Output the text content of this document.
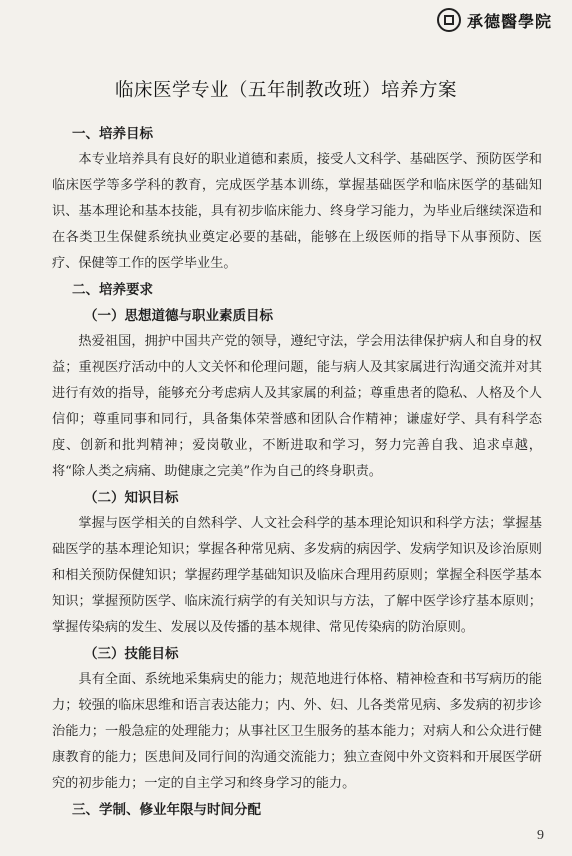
承德醫學院
临床医学专业（五年制教改班）培养方案
一、培养目标

本专业培养具有良好的职业道德和素质，接受人文科学、基础医学、预防医学和临床医学等多学科的教育，完成医学基本训练，掌握基础医学和临床医学的基础知识、基本理论和基本技能，具有初步临床能力、终身学习能力，为毕业后继续深造和在各类卫生保健系统执业奠定必要的基础，能够在上级医师的指导下从事预防、医疗、保健等工作的医学毕业生。

二、培养要求
（一）思想道德与职业素质目标

热爱祖国，拥护中国共产党的领导，遵纪守法，学会用法律保护病人和自身的权益；重视医疗活动中的人文关怀和伦理问题，能与病人及其家属进行沟通交流并对其进行有效的指导，能够充分考虑病人及其家属的利益；尊重患者的隐私、人格及个人信仰；尊重同事和同行，具备集体荣誉感和团队合作精神；谦虚好学、具有科学态度、创新和批判精神；爱岗敬业，不断进取和学习，努力完善自我、追求卓越，将“除人类之病痛、助健康之完美”作为自己的终身职责。

（二）知识目标

掌握与医学相关的自然科学、人文社会科学的基本理论知识和科学方法；掌握基础医学的基本理论知识；掌握各种常见病、多发病的病因学、发病学知识及诊治原则和相关预防保健知识；掌握药理学基础知识及临床合理用药原则；掌握全科医学基本知识；掌握预防医学、临床流行病学的有关知识与方法，了解中医学诊疗基本原则；掌握传染病的发生、发展以及传播的基本规律、常见传染病的防治原则。

（三）技能目标

具有全面、系统地采集病史的能力；规范地进行体格、精神检查和书写病历的能力；较强的临床思维和语言表达能力；内、外、妇、儿各类常见病、多发病的初步诊治能力；一般急症的处理能力；从事社区卫生服务的基本能力；对病人和公众进行健康教育的能力；医患间及同行间的沟通交流能力；独立查阅中外文资料和开展医学研究的初步能力；一定的自主学习和终身学习的能力。

三、学制、修业年限与时间分配
9
